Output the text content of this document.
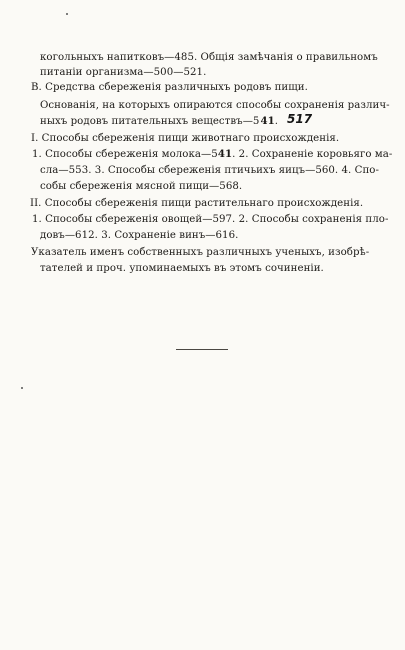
когольныхъ напитковъ—485. Общія замѣчанія о правильномъ
питаніи организма—500—521.
В. Средства сбереженія различныхъ родовъ пищи.
Основанія, на которыхъ опираются способы сохраненія различ-
ныхъ родовъ питательныхъ веществъ—541. 517
I. Способы сбереженія пищи животнаго происхожденія.
1. Способы сбереженія молока—541. 2. Сохраненіе коровьяго ма-
сла—553. 3. Способы сбереженія птичьихъ яицъ—560. 4. Спо-
собы сбереженія мясной пищи—568.
II. Способы сбереженія пищи растительнаго происхожденія.
1. Способы сбереженія овощей—597. 2. Способы сохраненія пло-
довъ—612. 3. Сохраненіе винъ—616.
Указатель именъ собственныхъ различныхъ ученыхъ, изобрѣ-
тателей и проч. упоминаемыхъ въ этомъ сочиненіи.
